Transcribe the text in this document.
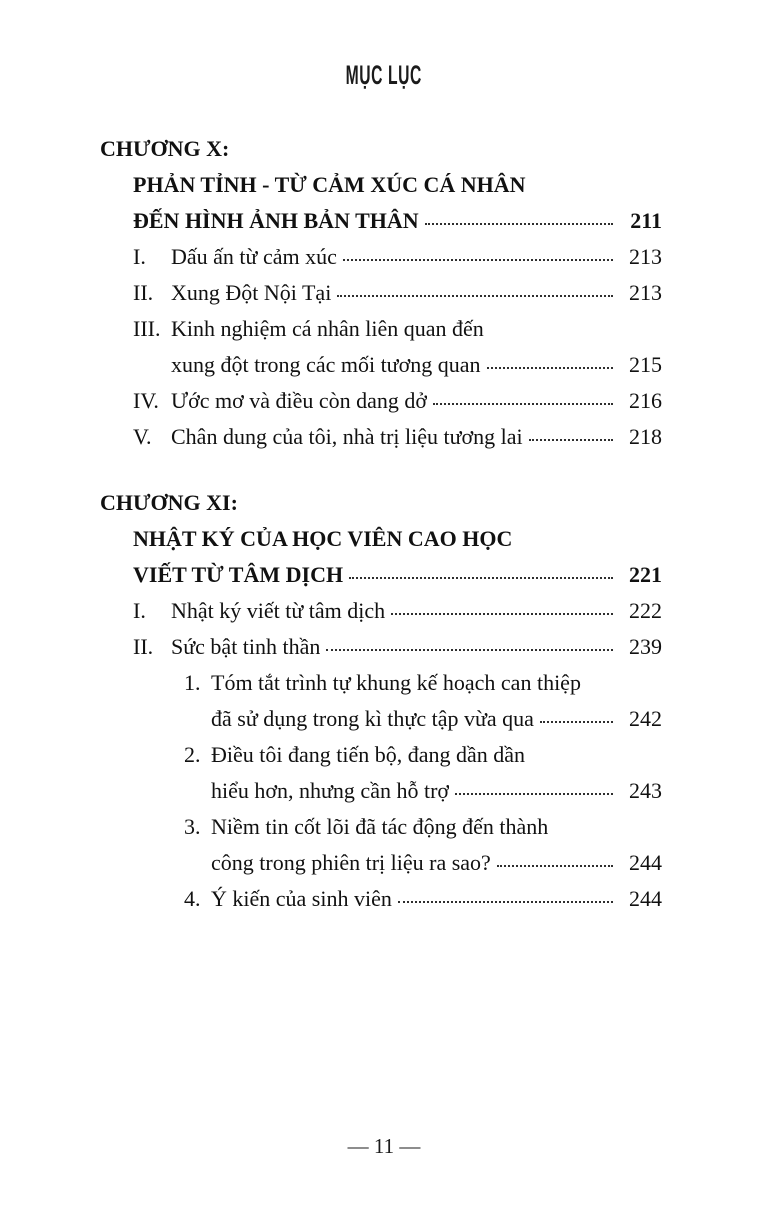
MỤC LỤC
CHƯƠNG X:
PHẢN TỈNH - TỪ CẢM XÚC CÁ NHÂN
ĐẾN HÌNH ẢNH BẢN THÂN	211
I.	Dấu ấn từ cảm xúc	213
II. Xung Đột Nội Tại	213
III. Kinh nghiệm cá nhân liên quan đến
xung đột trong các mối tương quan	215
IV. Ước mơ và điều còn dang dở	216
V. Chân dung của tôi, nhà trị liệu tương lai	218
CHƯƠNG XI:
NHẬT KÝ CỦA HỌC VIÊN CAO HỌC
VIẾT TỪ TÂM DỊCH	221
I.	Nhật ký viết từ tâm dịch	222
II. Sức bật tinh thần	239
1. Tóm tắt trình tự khung kế hoạch can thiệp
đã sử dụng trong kì thực tập vừa qua	242
2. Điều tôi đang tiến bộ, đang dần dần
hiểu hơn, nhưng cần hỗ trợ	243
3. Niềm tin cốt lõi đã tác động đến thành
công trong phiên trị liệu ra sao?	244
4. Ý kiến của sinh viên	244
— 11 —
